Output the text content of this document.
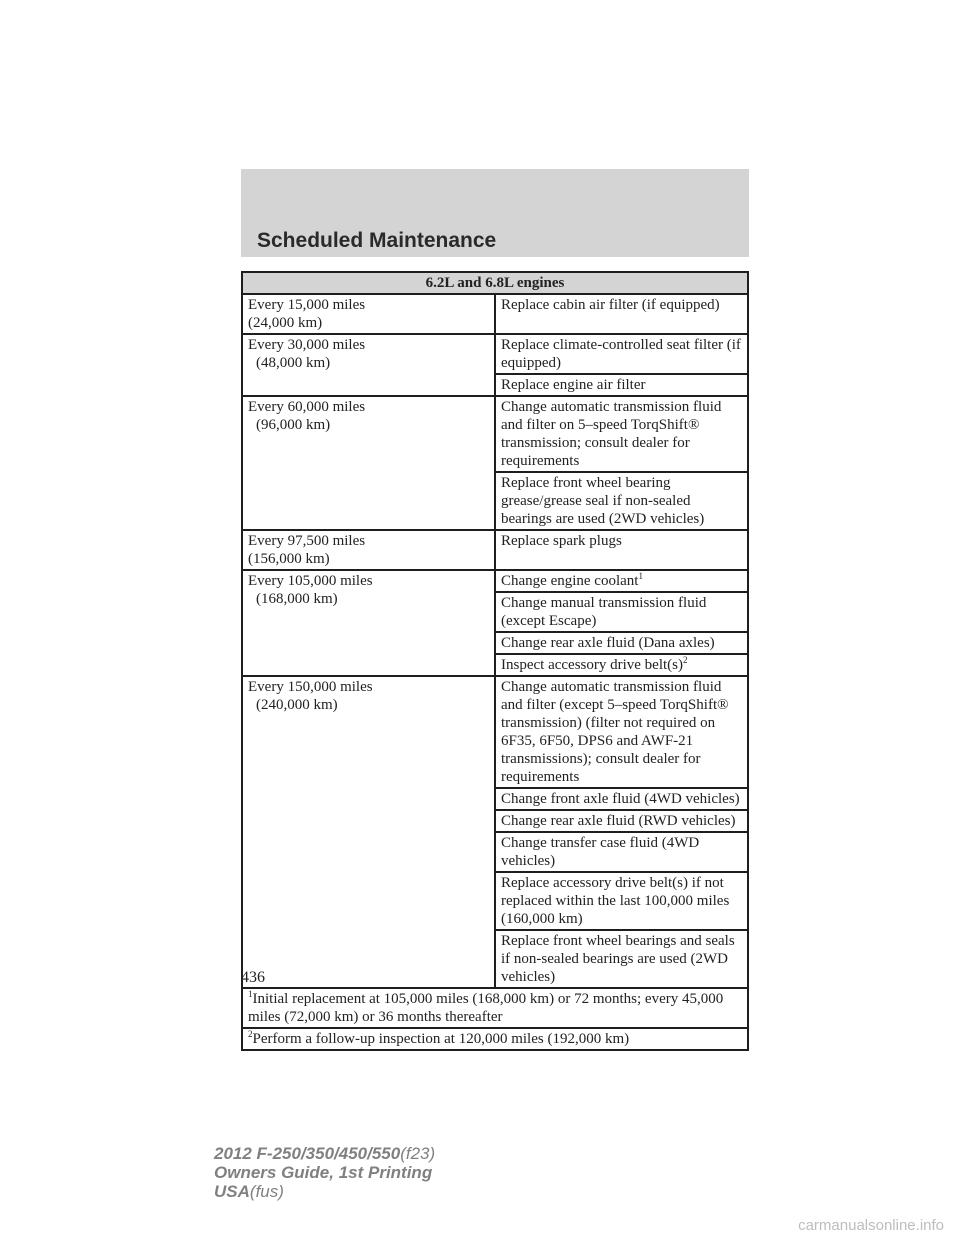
Scheduled Maintenance
6.2L and 6.8L engines	

Every 15,000 miles
(24,000 km)	Replace cabin air filter (if equipped)

Every 30,000 miles
(48,000 km)	Replace climate-controlled seat filter (if equipped)
	Replace engine air filter

Every 60,000 miles
(96,000 km)	Change automatic transmission fluid and filter on 5–speed TorqShift® transmission; consult dealer for requirements
	Replace front wheel bearing grease/grease seal if non-sealed bearings are used (2WD vehicles)

Every 97,500 miles
(156,000 km)	Replace spark plugs

Every 105,000 miles
(168,000 km)	Change engine coolant$^1$
	Change manual transmission fluid (except Escape)
	Change rear axle fluid (Dana axles)
	Inspect accessory drive $belt(s)^2$

Every 150,000 miles
(240,000 km)	Change automatic transmission fluid and filter (except 5–speed TorqShift® transmission) (filter not required on 6F35, 6F50, DPS6 and AWF-21 transmissions); consult dealer for requirements
	Change front axle fluid (4WD vehicles)
	Change rear axle fluid (RWD vehicles)
	Change transfer case fluid (4WD vehicles)
	Replace accessory drive belt(s) if not replaced within the last 100,000 miles (160,000 km)
	Replace front wheel bearings and seals if non-sealed bearings are used (2WD vehicles)
$^1$Initial replacement at 105,000 miles (168,000 km) or 72 months; every 45,000 miles (72,000 km) or 36 months thereafter	
$^2$Perform a follow-up inspection at 120,000 miles (192,000 km)	
436
2012 F-250/350/450/550(f23)
Owners Guide, 1st Printing
USA(fus)
carmanualsonline.info
